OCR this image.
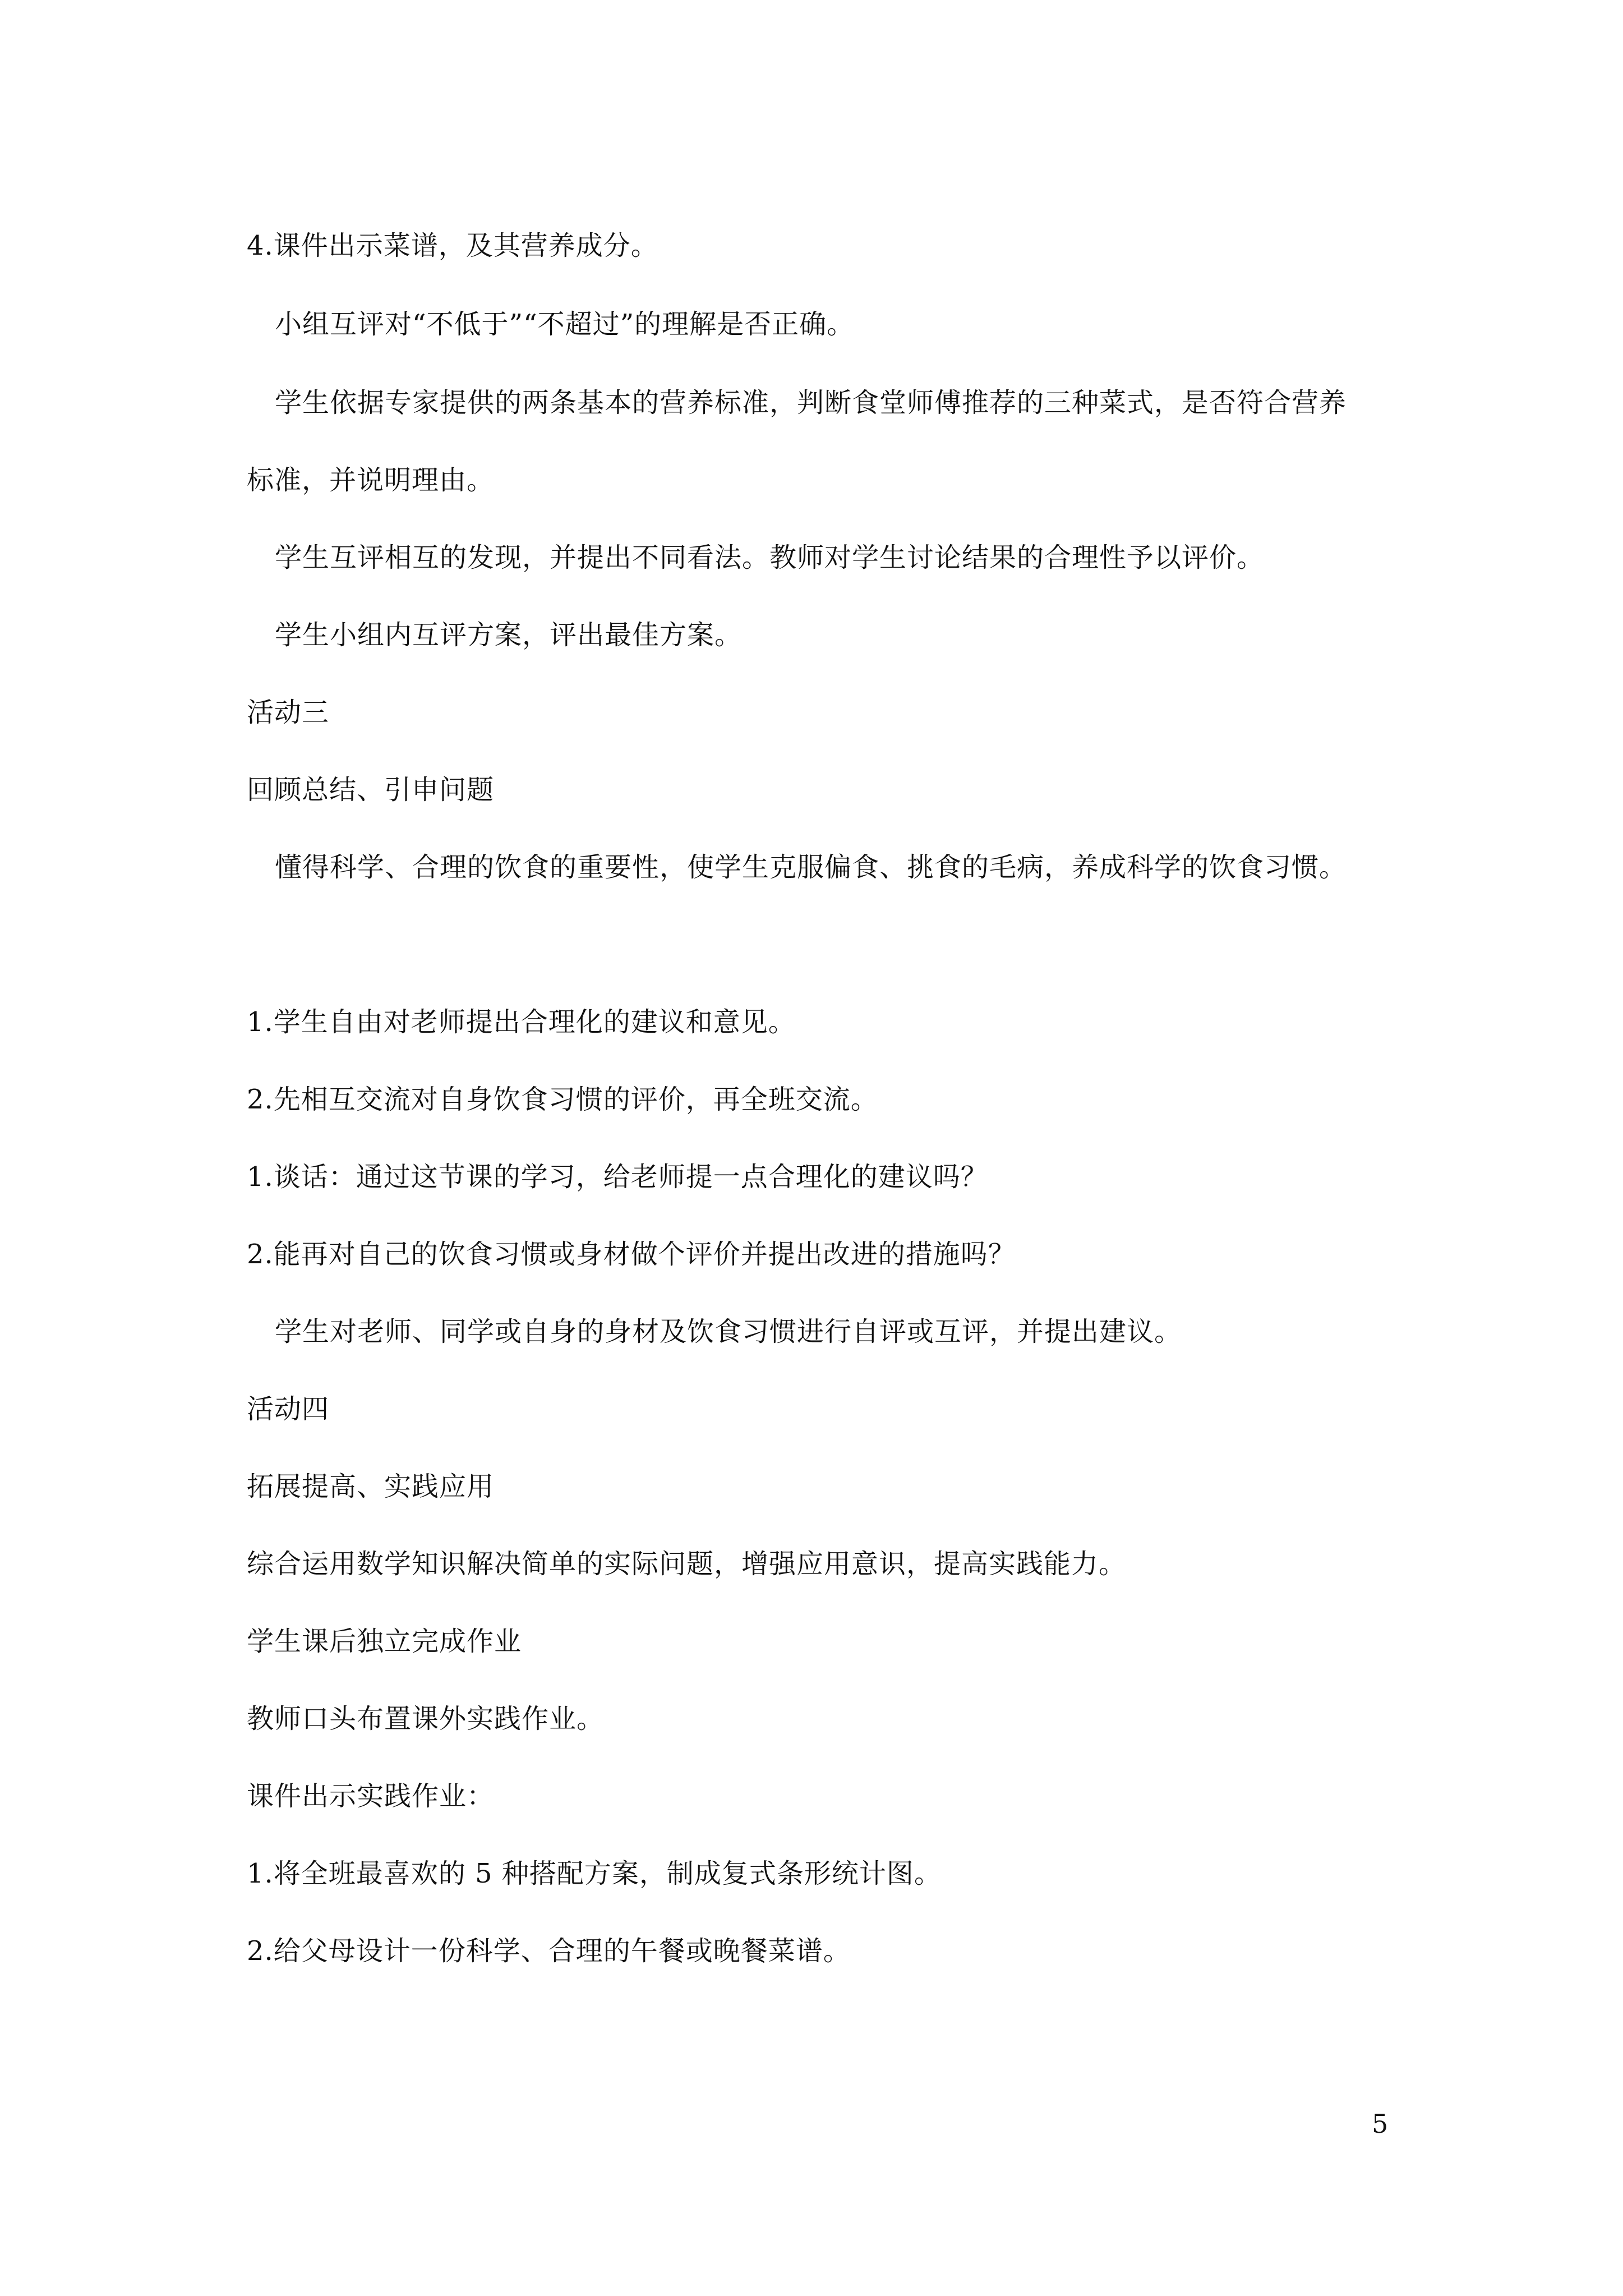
4.课件出示菜谱，及其营养成分。
小组互评对“不低于”“不超过”的理解是否正确。
学生依据专家提供的两条基本的营养标准，判断食堂师傅推荐的三种菜式，是否符合营养
标准，并说明理由。
学生互评相互的发现，并提出不同看法。教师对学生讨论结果的合理性予以评价。
学生小组内互评方案，评出最佳方案。
活动三
回顾总结、引申问题
懂得科学、合理的饮食的重要性，使学生克服偏食、挑食的毛病，养成科学的饮食习惯。
1.学生自由对老师提出合理化的建议和意见。
2.先相互交流对自身饮食习惯的评价，再全班交流。
1.谈话：通过这节课的学习，给老师提一点合理化的建议吗？
2.能再对自己的饮食习惯或身材做个评价并提出改进的措施吗？
学生对老师、同学或自身的身材及饮食习惯进行自评或互评，并提出建议。
活动四
拓展提高、实践应用
综合运用数学知识解决简单的实际问题，增强应用意识，提高实践能力。
学生课后独立完成作业
教师口头布置课外实践作业。
课件出示实践作业：
1.将全班最喜欢的 5 种搭配方案，制成复式条形统计图。
2.给父母设计一份科学、合理的午餐或晚餐菜谱。
5
